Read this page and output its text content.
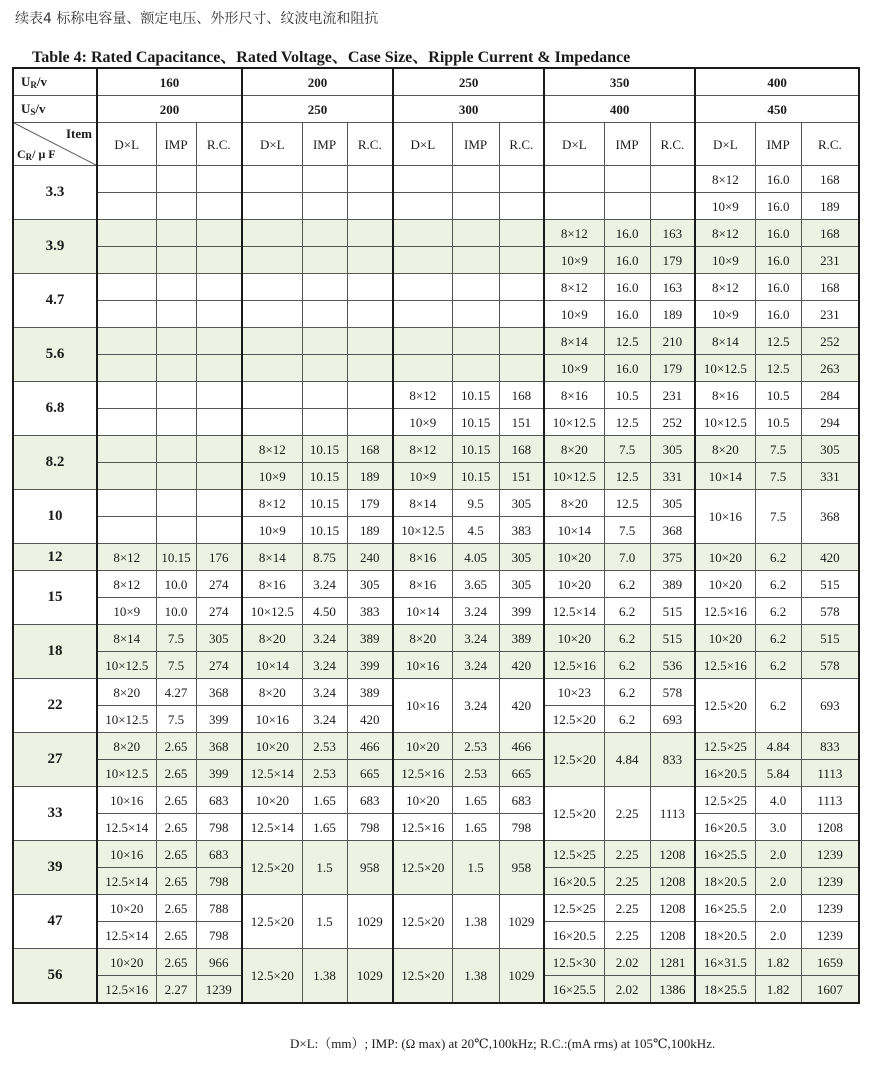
续表4 标称电容量、额定电压、外形尺寸、纹波电流和阻抗
Table 4: Rated Capacitance、Rated Voltage、Case Size、Ripple Current & Impedance
$U_R/v$	160			200			250			350			400		
$U_S/v$	200			250			300			400			450		

Item
$C_R/$ μ F	D×L	IMP	R.C.	D×L	IMP	R.C.	D×L	IMP	R.C.	D×L	IMP	R.C.	D×L	IMP	R.C.
3.3													8×12	16.0	168
													10×9	16.0	189
3.9										8×12	16.0	163	8×12	16.0	168
										10×9	16.0	179	10×9	16.0	231
4.7										8×12	16.0	163	8×12	16.0	168
										10×9	16.0	189	10×9	16.0	231
5.6										8×14	12.5	210	8×14	12.5	252
										10×9	16.0	179	10×12.5	12.5	263
6.8							8×12	10.15	168	8×16	10.5	231	8×16	10.5	284
							10×9	10.15	151	10×12.5	12.5	252	10×12.5	10.5	294
8.2				8×12	10.15	168	8×12	10.15	168	8×20	7.5	305	8×20	7.5	305
				10×9	10.15	189	10×9	10.15	151	10×12.5	12.5	331	10×14	7.5	331
10				8×12	10.15	179	8×14	9.5	305	8×20	12.5	305	10×16	7.5	368
				10×9	10.15	189	10×12.5	4.5	383	10×14	7.5	368			
12	8×12	10.15	176	8×14	8.75	240	8×16	4.05	305	10×20	7.0	375	10×20	6.2	420
15	8×12	10.0	274	8×16	3.24	305	8×16	3.65	305	10×20	6.2	389	10×20	6.2	515
	10×9	10.0	274	10×12.5	4.50	383	10×14	3.24	399	12.5×14	6.2	515	12.5×16	6.2	578
18	8×14	7.5	305	8×20	3.24	389	8×20	3.24	389	10×20	6.2	515	10×20	6.2	515
	10×12.5	7.5	274	10×14	3.24	399	10×16	3.24	420	12.5×16	6.2	536	12.5×16	6.2	578
22	8×20	4.27	368	8×20	3.24	389	10×16	3.24	420	10×23	6.2	578	12.5×20	6.2	693
	10×12.5	7.5	399	10×16	3.24	420				12.5×20	6.2	693			
27	8×20	2.65	368	10×20	2.53	466	10×20	2.53	466	12.5×20	4.84	833	12.5×25	4.84	833
	10×12.5	2.65	399	12.5×14	2.53	665	12.5×16	2.53	665				16×20.5	5.84	1113
33	10×16	2.65	683	10×20	1.65	683	10×20	1.65	683	12.5×20	2.25	1113	12.5×25	4.0	1113
	12.5×14	2.65	798	12.5×14	1.65	798	12.5×16	1.65	798				16×20.5	3.0	1208
39	10×16	2.65	683	12.5×20	1.5	958	12.5×20	1.5	958	12.5×25	2.25	1208	16×25.5	2.0	1239
	12.5×14	2.65	798							16×20.5	2.25	1208	18×20.5	2.0	1239
47	10×20	2.65	788	12.5×20	1.5	1029	12.5×20	1.38	1029	12.5×25	2.25	1208	16×25.5	2.0	1239
	12.5×14	2.65	798							16×20.5	2.25	1208	18×20.5	2.0	1239
56	10×20	2.65	966	12.5×20	1.38	1029	12.5×20	1.38	1029	12.5×30	2.02	1281	16×31.5	1.82	1659
	12.5×16	2.27	1239							16×25.5	2.02	1386	18×25.5	1.82	1607
D×L:（mm）; IMP: (Ω max) at 20℃,100kHz; R.C.:(mA rms) at 105℃,100kHz.
